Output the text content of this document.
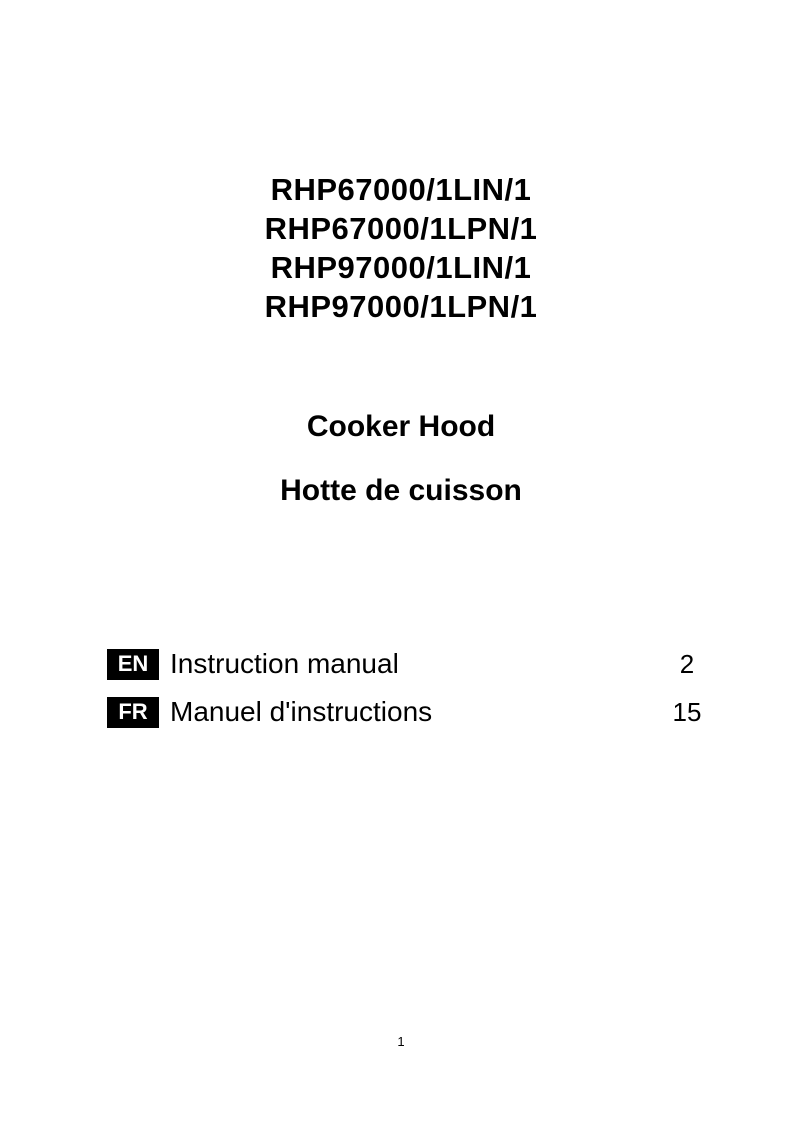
RHP67000/1LIN/1
RHP67000/1LPN/1
RHP97000/1LIN/1
RHP97000/1LPN/1
Cooker Hood
Hotte de cuisson
EN Instruction manual	2
FR Manuel d'instructions	15
1
